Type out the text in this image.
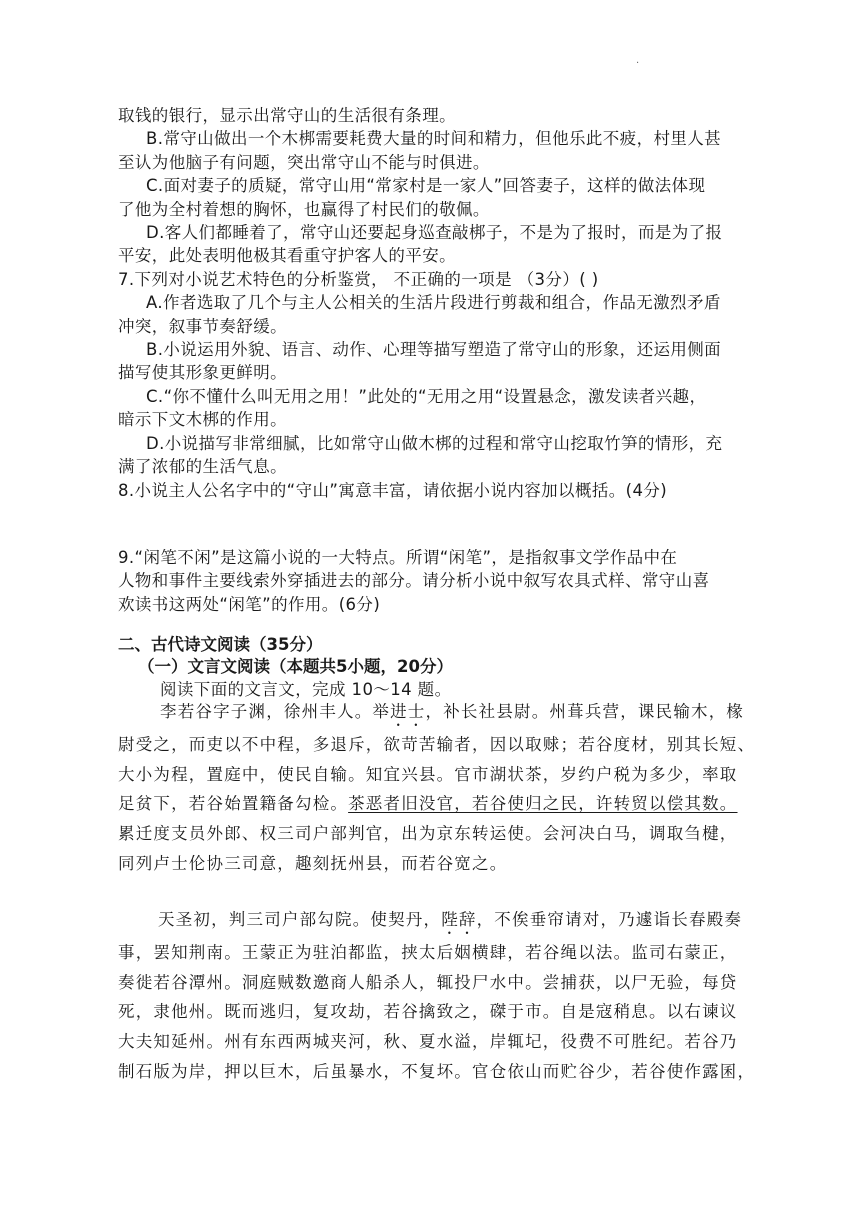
·
取钱的银行，显示出常守山的生活很有条理。
B.常守山做出一个木梆需要耗费大量的时间和精力，但他乐此不疲，村里人甚
至认为他脑子有问题，突出常守山不能与时俱进。
C.面对妻子的质疑，常守山用“常家村是一家人”回答妻子，这样的做法体现
了他为全村着想的胸怀，也赢得了村民们的敬佩。
D.客人们都睡着了，常守山还要起身巡查敲梆子，不是为了报时，而是为了报
平安，此处表明他极其看重守护客人的平安。
7.下列对小说艺术特色的分析鉴赏， 不正确的一项是 （3分）( )
A.作者选取了几个与主人公相关的生活片段进行剪裁和组合，作品无激烈矛盾
冲突，叙事节奏舒缓。
B.小说运用外貌、语言、动作、心理等描写塑造了常守山的形象，还运用侧面
描写使其形象更鲜明。
C.“你不懂什么叫无用之用！”此处的“无用之用“设置悬念，激发读者兴趣，
暗示下文木梆的作用。
D.小说描写非常细腻，比如常守山做木梆的过程和常守山挖取竹笋的情形，充
满了浓郁的生活气息。
8.小说主人公名字中的“守山”寓意丰富，请依据小说内容加以概括。(4分)
9.“闲笔不闲”是这篇小说的一大特点。所谓“闲笔”，是指叙事文学作品中在
人物和事件主要线索外穿插进去的部分。请分析小说中叙写农具式样、常守山喜
欢读书这两处“闲笔”的作用。(6分)
二、古代诗文阅读（35分）
（一）文言文阅读（本题共5小题，20分）
阅读下面的文言文，完成 10～14 题。
李若谷字子渊，徐州丰人。举进士，补长社县尉。州葺兵营，课民输木，椽
尉受之，而吏以不中程，多退斥，欲苛苦输者，因以取赇；若谷度材，别其长短、
大小为程，置庭中，使民自输。知宜兴县。官市湖状茶，岁约户税为多少，率取
足贫下，若谷始置籍备勾检。茶恶者旧没官，若谷使归之民，许转贸以偿其数。
累迁度支员外郎、权三司户部判官，出为京东转运使。会河决白马，调取刍楗，
同列卢士伦协三司意，趣刻抚州县，而若谷宽之。
天圣初，判三司户部勾院。使契丹，陛辞，不俟垂帘请对，乃遽诣长春殿奏
事，罢知荆南。王蒙正为驻泊都监，挟太后姻横肆，若谷绳以法。监司右蒙正，
奏徙若谷潭州。洞庭贼数邀商人船杀人，辄投尸水中。尝捕获，以尸无验，每贷
死，隶他州。既而逃归，复攻劫，若谷擒致之，磔于市。自是寇稍息。以右谏议
大夫知延州。州有东西两城夹河，秋、夏水溢，岸辄圮，役费不可胜纪。若谷乃
制石版为岸，押以巨木，后虽暴水，不复坏。官仓依山而贮谷少，若谷使作露囷，
